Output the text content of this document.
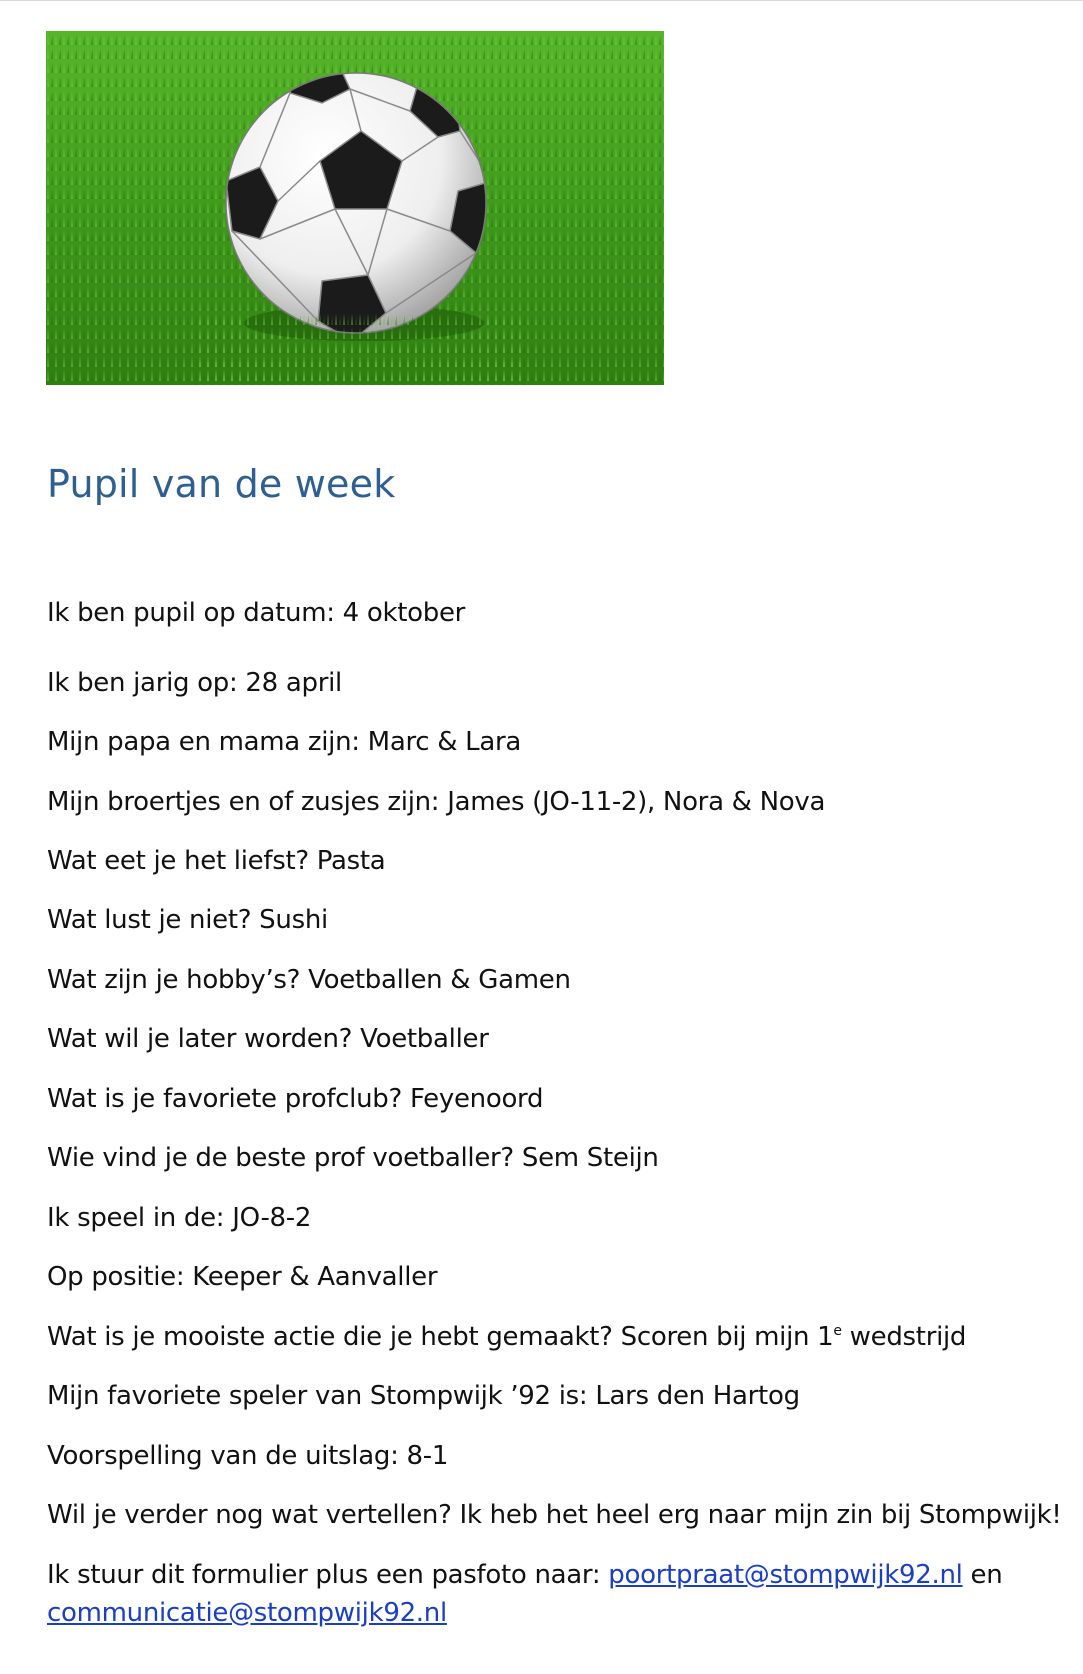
Pupil van de week
Ik ben pupil op datum: 4 oktober
Ik ben jarig op: 28 april
Mijn papa en mama zijn: Marc & Lara
Mijn broertjes en of zusjes zijn: James (JO-11-2), Nora & Nova
Wat eet je het liefst? Pasta
Wat lust je niet? Sushi
Wat zijn je hobby’s? Voetballen & Gamen
Wat wil je later worden? Voetballer
Wat is je favoriete profclub? Feyenoord
Wie vind je de beste prof voetballer? Sem Steijn
Ik speel in de: JO-8-2
Op positie: Keeper & Aanvaller
Wat is je mooiste actie die je hebt gemaakt? Scoren bij mijn 1e wedstrijd
Mijn favoriete speler van Stompwijk ’92 is: Lars den Hartog
Voorspelling van de uitslag: 8-1
Wil je verder nog wat vertellen? Ik heb het heel erg naar mijn zin bij Stompwijk!
Ik stuur dit formulier plus een pasfoto naar: poortpraat@stompwijk92.nl en
communicatie@stompwijk92.nl
